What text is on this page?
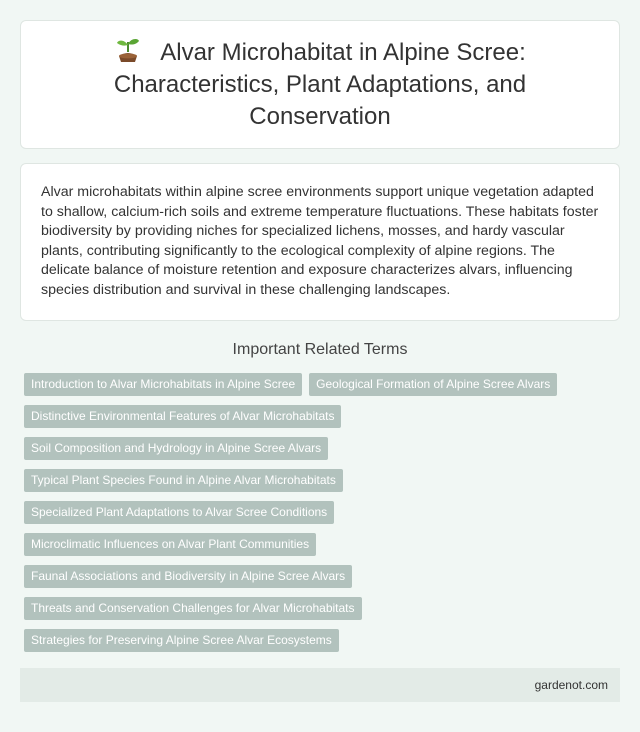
Alvar Microhabitat in Alpine Scree: Characteristics, Plant Adaptations, and Conservation

Alvar microhabitats within alpine scree environments support unique vegetation adapted to shallow, calcium-rich soils and extreme temperature fluctuations. These habitats foster biodiversity by providing niches for specialized lichens, mosses, and hardy vascular plants, contributing significantly to the ecological complexity of alpine regions. The delicate balance of moisture retention and exposure characterizes alvars, influencing species distribution and survival in these challenging landscapes.

Important Related Terms
Introduction to Alvar Microhabitats in Alpine Scree	Geological Formation of Alpine Scree Alvars
Distinctive Environmental Features of Alvar Microhabitats
Soil Composition and Hydrology in Alpine Scree Alvars
Typical Plant Species Found in Alpine Alvar Microhabitats
Specialized Plant Adaptations to Alvar Scree Conditions
Microclimatic Influences on Alvar Plant Communities
Faunal Associations and Biodiversity in Alpine Scree Alvars
Threats and Conservation Challenges for Alvar Microhabitats
Strategies for Preserving Alpine Scree Alvar Ecosystems
gardenot.com
